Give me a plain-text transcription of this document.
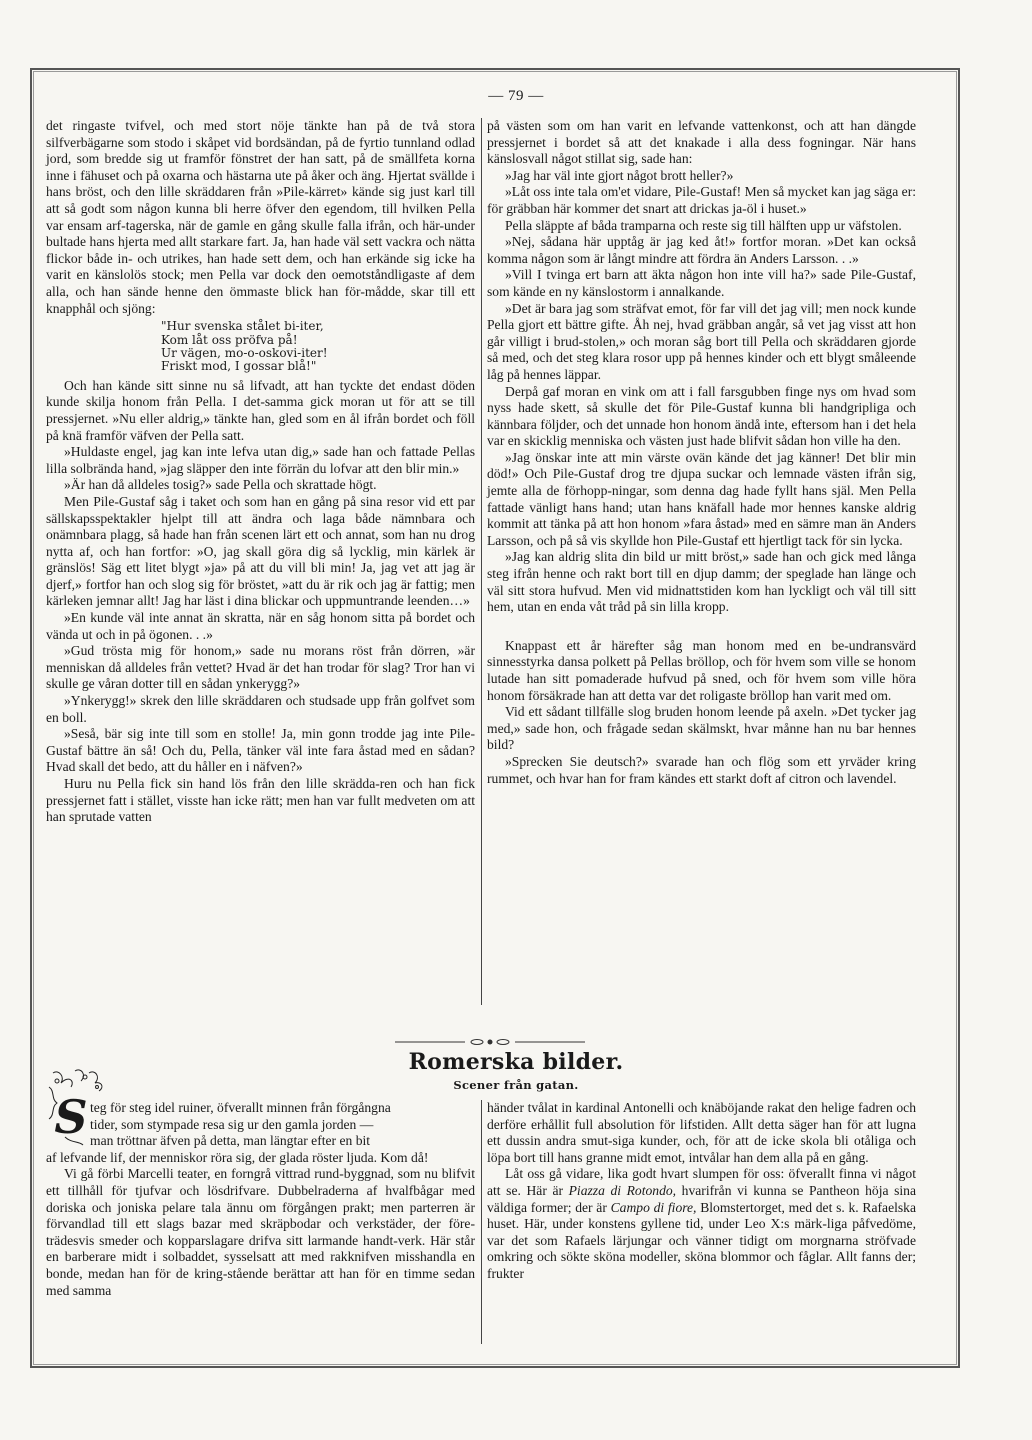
— 79 —

det ringaste tvifvel, och med stort nöje tänkte han på de två stora silfverbägarne som stodo i skåpet vid bordsändan, på de fyrtio tunnland odlad jord, som bredde sig ut framför fönstret der han satt, på de smällfeta korna inne i fähuset och på oxarna och hästarna ute på åker och äng. Hjertat svällde i hans bröst, och den lille skräddaren från »Pile-kärret» kände sig just karl till att så godt som någon kunna bli herre öfver den egendom, till hvilken Pella var ensam arf-tagerska, när de gamle en gång skulle falla ifrån, och här-under bultade hans hjerta med allt starkare fart. Ja, han hade väl sett vackra och nätta flickor både in- och utrikes, han hade sett dem, och han erkände sig icke ha varit en känslolös stock; men Pella var dock den oemotståndligaste af dem alla, och han sände henne den ömmaste blick han för-mådde, skar till ett knapphål och sjöng:

"Hur svenska stålet bi-iter,
Kom låt oss pröfva på!
Ur vägen, mo-o-oskovi-iter!
Friskt mod, I gossar blå!"

Och han kände sitt sinne nu så lifvadt, att han tyckte det endast döden kunde skilja honom från Pella. I det-samma gick moran ut för att se till pressjernet. »Nu eller aldrig,» tänkte han, gled som en ål ifrån bordet och föll på knä framför väfven der Pella satt.

»Huldaste engel, jag kan inte lefva utan dig,» sade han och fattade Pellas lilla solbrända hand, »jag släpper den inte förrän du lofvar att den blir min.»

»Är han då alldeles tosig?» sade Pella och skrattade högt.

Men Pile-Gustaf såg i taket och som han en gång på sina resor vid ett par sällskapsspektakler hjelpt till att ändra och laga både nämnbara och onämnbara plagg, så hade han från scenen lärt ett och annat, som han nu drog nytta af, och han fortfor: »O, jag skall göra dig så lycklig, min kärlek är gränslös! Säg ett litet blygt »ja» på att du vill bli min! Ja, jag vet att jag är djerf,» fortfor han och slog sig för bröstet, »att du är rik och jag är fattig; men kärleken jemnar allt! Jag har läst i dina blickar och uppmuntrande leenden…»

»En kunde väl inte annat än skratta, när en såg honom sitta på bordet och vända ut och in på ögonen. . .»

»Gud trösta mig för honom,» sade nu morans röst från dörren, »är menniskan då alldeles från vettet? Hvad är det han trodar för slag? Tror han vi skulle ge våran dotter till en sådan ynkerygg?»

»Ynkerygg!» skrek den lille skräddaren och studsade upp från golfvet som en boll.

»Seså, bär sig inte till som en stolle! Ja, min gonn trodde jag inte Pile-Gustaf bättre än så! Och du, Pella, tänker väl inte fara åstad med en sådan? Hvad skall det bedo, att du håller en i näfven?»

Huru nu Pella fick sin hand lös från den lille skrädda-ren och han fick pressjernet fatt i stället, visste han icke rätt; men han var fullt medveten om att han sprutade vatten

på västen som om han varit en lefvande vattenkonst, och att han dängde pressjernet i bordet så att det knakade i alla dess fogningar. När hans känslosvall något stillat sig, sade han:

»Jag har väl inte gjort något brott heller?»

»Låt oss inte tala om'et vidare, Pile-Gustaf! Men så mycket kan jag säga er: för gräbban här kommer det snart att drickas ja-öl i huset.»

Pella släppte af båda tramparna och reste sig till hälften upp ur väfstolen.

»Nej, sådana här upptåg är jag ked åt!» fortfor moran. »Det kan också komma någon som är långt mindre att fördra än Anders Larsson. . .»

»Vill I tvinga ert barn att äkta någon hon inte vill ha?» sade Pile-Gustaf, som kände en ny känslostorm i annalkande.

»Det är bara jag som sträfvat emot, för far vill det jag vill; men nock kunde Pella gjort ett bättre gifte. Åh nej, hvad gräbban angår, så vet jag visst att hon går villigt i brud-stolen,» och moran såg bort till Pella och skräddaren gjorde så med, och det steg klara rosor upp på hennes kinder och ett blygt småleende låg på hennes läppar.

Derpå gaf moran en vink om att i fall farsgubben finge nys om hvad som nyss hade skett, så skulle det för Pile-Gustaf kunna bli handgripliga och kännbara följder, och det unnade hon honom ändå inte, eftersom han i det hela var en skicklig menniska och västen just hade blifvit sådan hon ville ha den.

»Jag önskar inte att min värste ovän kände det jag känner! Det blir min död!» Och Pile-Gustaf drog tre djupa suckar och lemnade västen ifrån sig, jemte alla de förhopp-ningar, som denna dag hade fyllt hans själ. Men Pella fattade vänligt hans hand; utan hans knäfall hade mor hennes kanske aldrig kommit att tänka på att hon honom »fara åstad» med en sämre man än Anders Larsson, och på så vis skyllde hon Pile-Gustaf ett hjertligt tack för sin lycka.

»Jag kan aldrig slita din bild ur mitt bröst,» sade han och gick med långa steg ifrån henne och rakt bort till en djup damm; der speglade han länge och väl sitt stora hufvud. Men vid midnattstiden kom han lyckligt och väl till sitt hem, utan en enda våt tråd på sin lilla kropp.

Knappast ett år härefter såg man honom med en be-undransvärd sinnesstyrka dansa polkett på Pellas bröllop, och för hvem som ville se honom lutade han sitt pomaderade hufvud på sned, och för hvem som ville höra honom försäkrade han att detta var det roligaste bröllop han varit med om.

Vid ett sådant tillfälle slog bruden honom leende på axeln. »Det tycker jag med,» sade hon, och frågade sedan skälmskt, hvar månne han nu bar hennes bild?

»Sprecken Sie deutsch?» svarade han och flög som ett yrväder kring rummet, och hvar han for fram kändes ett starkt doft af citron och lavendel.

Romerska bilder.
Scener från gatan.
S teg för steg idel ruiner, öfverallt minnen från förgångna

tider, som stympade resa sig ur den gamla jorden —

man tröttnar äfven på detta, man längtar efter en bit

af lefvande lif, der menniskor röra sig, der glada röster ljuda. Kom då!

Vi gå förbi Marcelli teater, en forngrå vittrad rund-byggnad, som nu blifvit ett tillhåll för tjufvar och lösdrifvare. Dubbelraderna af hvalfbågar med doriska och joniska pelare tala ännu om förgången prakt; men parterren är förvandlad till ett slags bazar med skräpbodar och verkstäder, der före-trädesvis smeder och kopparslagare drifva sitt larmande handt-verk. Här står en barberare midt i solbaddet, sysselsatt att med rakknifven misshandla en bonde, medan han för de kring-stående berättar att han för en timme sedan med samma

händer tvålat in kardinal Antonelli och knäböjande rakat den helige fadren och derföre erhållit full absolution för lifstiden. Allt detta säger han för att lugna ett dussin andra smut-siga kunder, och, för att de icke skola bli otåliga och löpa bort till hans granne midt emot, intvålar han dem alla på en gång.

Låt oss gå vidare, lika godt hvart slumpen för oss: öfverallt finna vi något att se. Här är Piazza di Rotondo, hvarifrån vi kunna se Pantheon höja sina väldiga former; der är Campo di fiore, Blomstertorget, med det s. k. Rafaelska huset. Här, under konstens gyllene tid, under Leo X:s märk-liga påfvedöme, var det som Rafaels lärjungar och vänner tidigt om morgnarna ströfvade omkring och sökte sköna modeller, sköna blommor och fåglar. Allt fanns der; frukter
